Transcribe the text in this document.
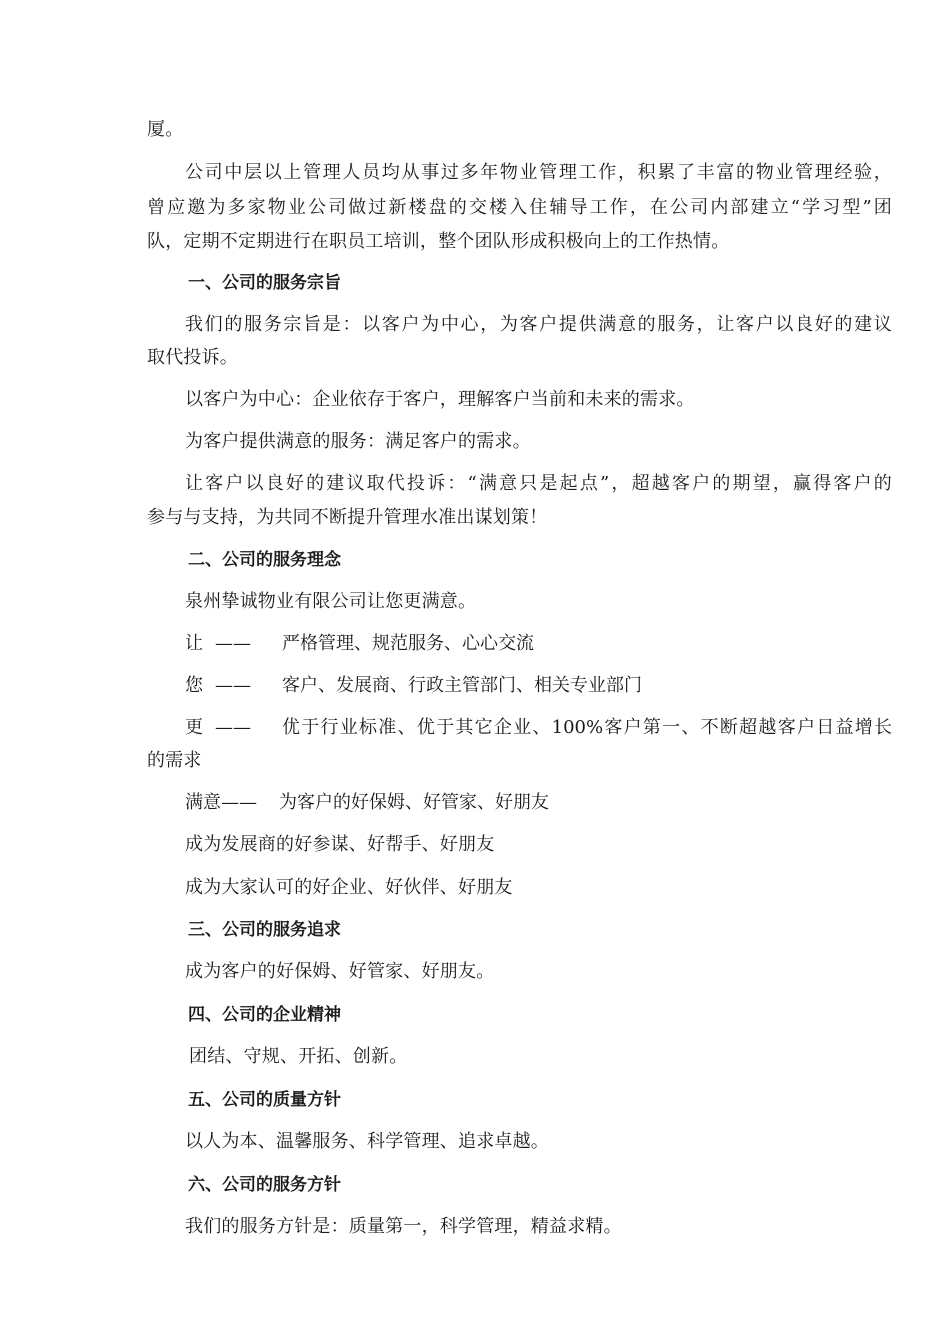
厦。
公司中层以上管理人员均从事过多年物业管理工作，积累了丰富的物业管理经验，
曾应邀为多家物业公司做过新楼盘的交楼入住辅导工作，在公司内部建立“学习型”团
队，定期不定期进行在职员工培训，整个团队形成积极向上的工作热情。
一、公司的服务宗旨
我们的服务宗旨是：以客户为中心，为客户提供满意的服务，让客户以良好的建议
取代投诉。
以客户为中心：企业依存于客户，理解客户当前和未来的需求。
为客户提供满意的服务：满足客户的需求。
让客户以良好的建议取代投诉：“满意只是起点”，超越客户的期望，赢得客户的
参与与支持，为共同不断提升管理水准出谋划策！
二、公司的服务理念
泉州挚诚物业有限公司让您更满意。
让 —— 严格管理、规范服务、心心交流
您 —— 客户、发展商、行政主管部门、相关专业部门
更 —— 优于行业标准、优于其它企业、100%客户第一、不断超越客户日益增长
的需求
满意—— 为客户的好保姆、好管家、好朋友
成为发展商的好参谋、好帮手、好朋友
成为大家认可的好企业、好伙伴、好朋友
三、公司的服务追求
成为客户的好保姆、好管家、好朋友。
四、公司的企业精神
团结、守规、开拓、创新。
五、公司的质量方针
以人为本、温馨服务、科学管理、追求卓越。
六、公司的服务方针
我们的服务方针是：质量第一，科学管理，精益求精。
